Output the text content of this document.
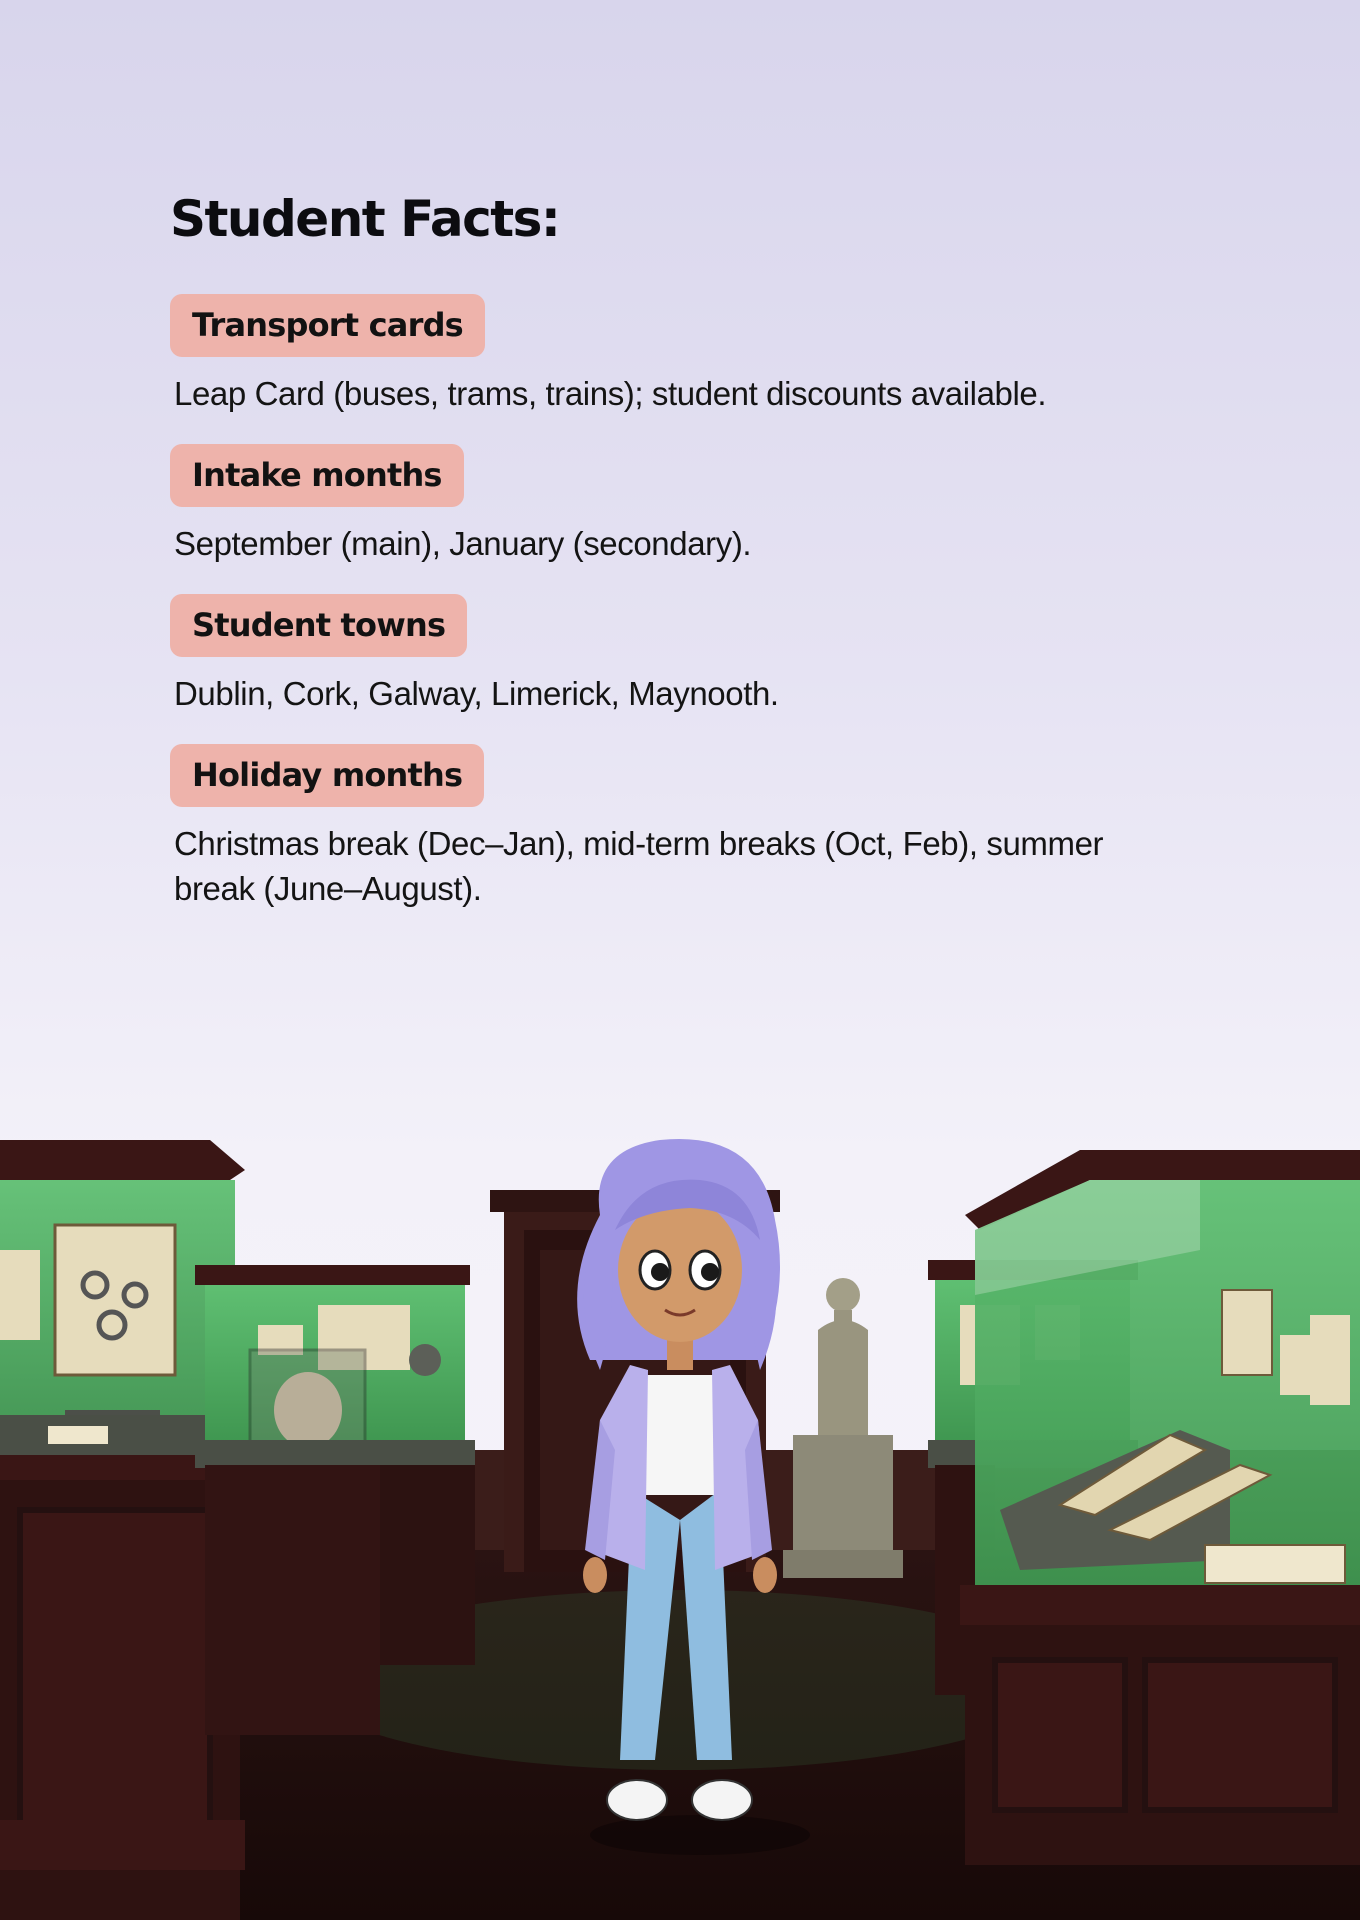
Student Facts:
Transport cards

Leap Card (buses, trams, trains); student discounts available.

Intake months

September (main), January (secondary).

Student towns

Dublin, Cork, Galway, Limerick, Maynooth.

Holiday months

Christmas break (Dec–Jan), mid-term breaks (Oct, Feb), summer break (June–August).
